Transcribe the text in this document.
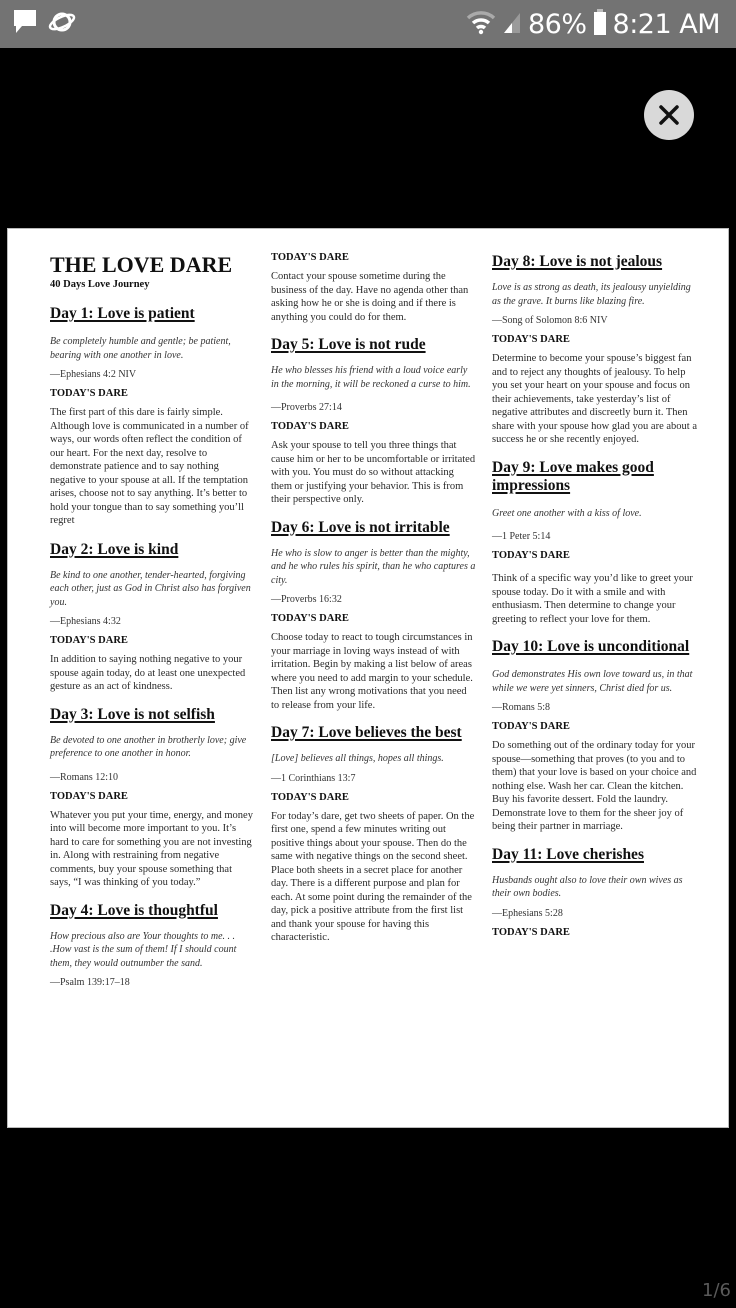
86% 8:21 AM
THE LOVE DARE
40 Days Love Journey
Day 1: Love is patient
Be completely humble and gentle; be patient, bearing with one another in love.
—Ephesians 4:2 NIV
TODAY'S DARE
The first part of this dare is fairly simple. Although love is communicated in a number of ways, our words often reflect the condition of our heart. For the next day, resolve to demonstrate patience and to say nothing negative to your spouse at all. If the temptation arises, choose not to say anything. It’s better to hold your tongue than to say something you’ll regret
Day 2: Love is kind
Be kind to one another, tender-hearted, forgiving each other, just as God in Christ also has forgiven you.
—Ephesians 4:32
TODAY'S DARE
In addition to saying nothing negative to your spouse again today, do at least one unexpected gesture as an act of kindness.
Day 3: Love is not selfish
Be devoted to one another in brotherly love; give preference to one another in honor.
—Romans 12:10
TODAY'S DARE
Whatever you put your time, energy, and money into will become more important to you. It’s hard to care for something you are not investing in. Along with restraining from negative comments, buy your spouse something that says, “I was thinking of you today.”
Day 4: Love is thoughtful
How precious also are Your thoughts to me. . . .How vast is the sum of them! If I should count them, they would outnumber the sand.
—Psalm 139:17–18
TODAY'S DARE
Contact your spouse sometime during the business of the day. Have no agenda other than asking how he or she is doing and if there is anything you could do for them.
Day 5: Love is not rude
He who blesses his friend with a loud voice early in the morning, it will be reckoned a curse to him.
—Proverbs 27:14
TODAY'S DARE
Ask your spouse to tell you three things that cause him or her to be uncomfortable or irritated with you. You must do so without attacking them or justifying your behavior. This is from their perspective only.
Day 6: Love is not irritable
He who is slow to anger is better than the mighty, and he who rules his spirit, than he who captures a city.
—Proverbs 16:32
TODAY'S DARE
Choose today to react to tough circumstances in your marriage in loving ways instead of with irritation. Begin by making a list below of areas where you need to add margin to your schedule. Then list any wrong motivations that you need to release from your life.
Day 7: Love believes the best
[Love] believes all things, hopes all things.
—1 Corinthians 13:7
TODAY'S DARE
For today’s dare, get two sheets of paper. On the first one, spend a few minutes writing out positive things about your spouse. Then do the same with negative things on the second sheet. Place both sheets in a secret place for another day. There is a different purpose and plan for each. At some point during the remainder of the day, pick a positive attribute from the first list and thank your spouse for having this characteristic.
Day 8: Love is not jealous
Love is as strong as death, its jealousy unyielding as the grave. It burns like blazing fire.
—Song of Solomon 8:6 NIV
TODAY'S DARE
Determine to become your spouse’s biggest fan and to reject any thoughts of jealousy. To help you set your heart on your spouse and focus on their achievements, take yesterday’s list of negative attributes and discreetly burn it. Then share with your spouse how glad you are about a success he or she recently enjoyed.
Day 9: Love makes good impressions
Greet one another with a kiss of love.
—1 Peter 5:14
TODAY'S DARE
Think of a specific way you’d like to greet your spouse today. Do it with a smile and with enthusiasm. Then determine to change your greeting to reflect your love for them.
Day 10: Love is unconditional
God demonstrates His own love toward us, in that while we were yet sinners, Christ died for us.
—Romans 5:8
TODAY'S DARE
Do something out of the ordinary today for your spouse—something that proves (to you and to them) that your love is based on your choice and nothing else. Wash her car. Clean the kitchen. Buy his favorite dessert. Fold the laundry. Demonstrate love to them for the sheer joy of being their partner in marriage.
Day 11: Love cherishes
Husbands ought also to love their own wives as their own bodies.
—Ephesians 5:28
TODAY'S DARE
1/6
